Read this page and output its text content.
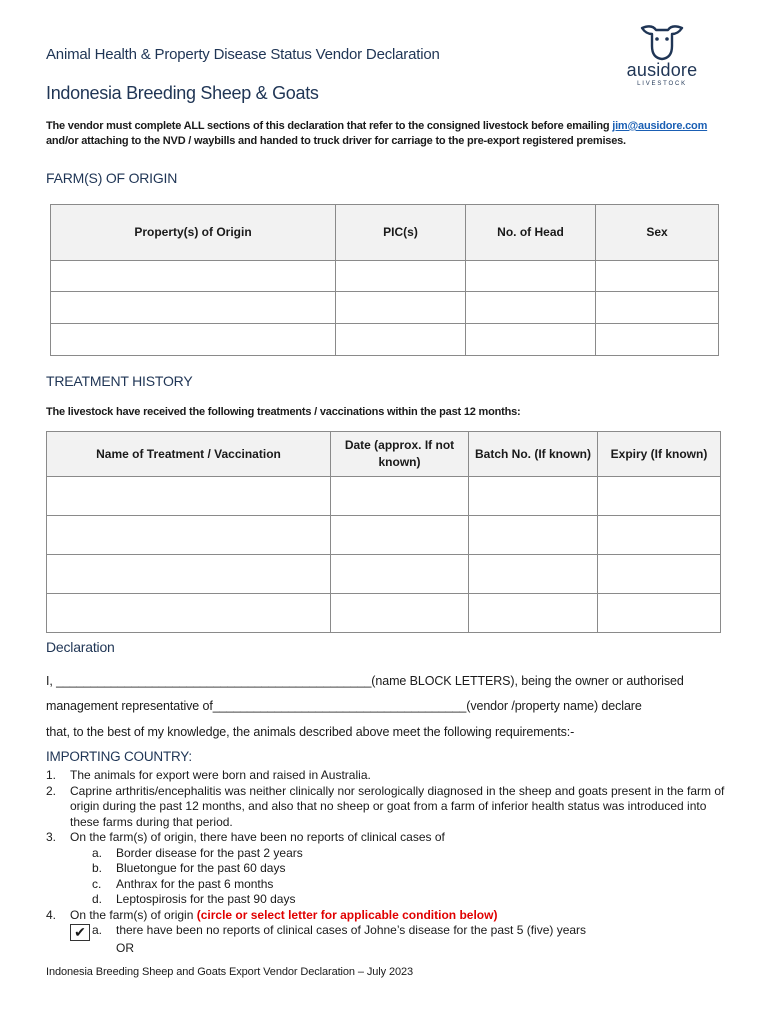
Animal Health & Property Disease Status Vendor Declaration
Indonesia Breeding Sheep & Goats
ausidore
LIVESTOCK
The vendor must complete ALL sections of this declaration that refer to the consigned livestock before emailing jim@ausidore.com and/or attaching to the NVD / waybills and handed to truck driver for carriage to the pre-export registered premises.
FARM(S) OF ORIGIN
Property(s) of Origin	PIC(s)	No. of Head	Sex

TREATMENT HISTORY
The livestock have received the following treatments / vaccinations within the past 12 months:
Name of Treatment / Vaccination	Date (approx. If not known)	Batch No. (If known)	Expiry (If known)

Declaration
I, ______________________________________________(name BLOCK LETTERS), being the owner or authorised
management representative of_____________________________________(vendor /property name) declare
that, to the best of my knowledge, the animals described above meet the following requirements:-
IMPORTING COUNTRY:
1. The animals for export were born and raised in Australia.
2. Caprine arthritis/encephalitis was neither clinically nor serologically diagnosed in the sheep and goats present in the farm of origin during the past 12 months, and also that no sheep or goat from a farm of inferior health status was introduced into these farms during that period.
3. On the farm(s) of origin, there have been no reports of clinical cases of
a. Border disease for the past 2 years
b. Bluetongue for the past 60 days
c. Anthrax for the past 6 months
d. Leptospirosis for the past 90 days
4. On the farm(s) of origin (circle or select letter for applicable condition below)
✔ a. there have been no reports of clinical cases of Johne’s disease for the past 5 (five) years
OR
Indonesia Breeding Sheep and Goats Export Vendor Declaration – July 2023
